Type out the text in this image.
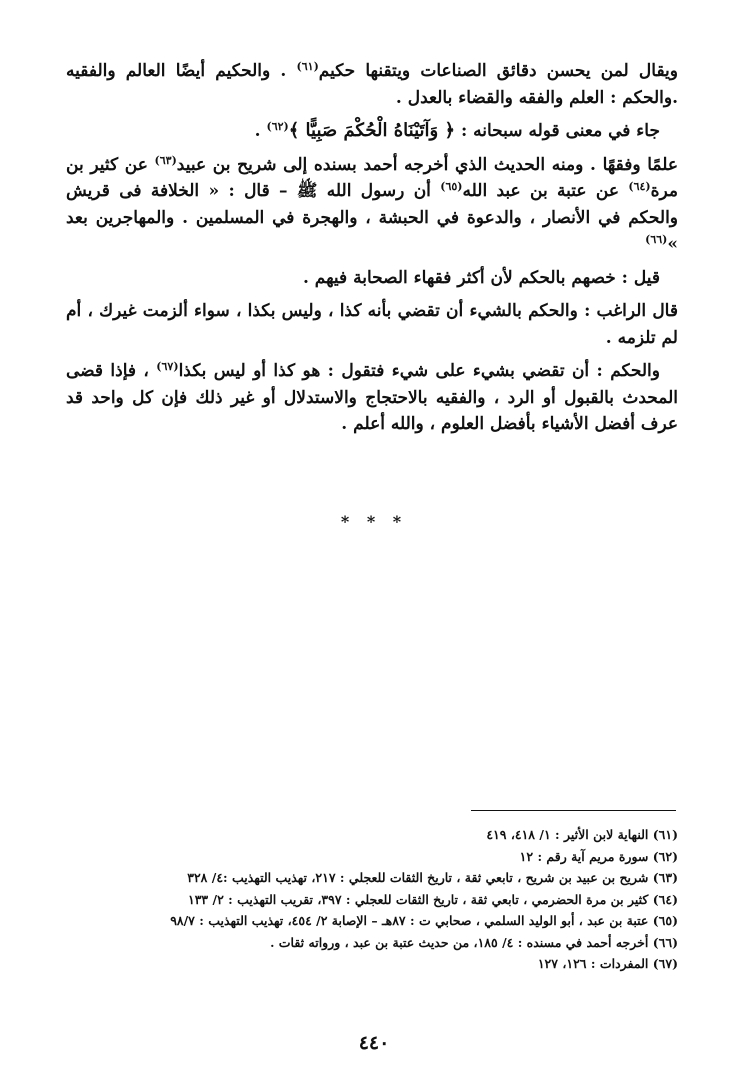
ويقال لمن يحسن دقائق الصناعات ويتقنها حكيم$^{(٦١)}$ . والحكيم أيضًا العالم والفقيه .والحكم : العلم والفقه والقضاء بالعدل .

جاء في معنى قوله سبحانه : ﴿ وَآتَيْنَاهُ الْحُكْمَ صَبِيًّا ﴾$^{(٦٢)}$ .

علمًا وفقهًا . ومنه الحديث الذي أخرجه أحمد بسنده إلى شريح بن عبيد$^{(٦٣)}$ عن كثير بن مرة$^{(٦٤)}$ عن عتبة بن عبد الله$^{(٦٥)}$ أن رسول الله ﷺ – قال : « الخلافة فى قريش والحكم في الأنصار ، والدعوة في الحبشة ، والهجرة في المسلمين . والمهاجرين بعد »$^{(٦٦)}$

قيل : خصهم بالحكم لأن أكثر فقهاء الصحابة فيهم .

قال الراغب : والحكم بالشيء أن تقضي بأنه كذا ، وليس بكذا ، سواء ألزمت غيرك ، أم لم تلزمه .

والحكم : أن تقضي بشيء على شيء فتقول : هو كذا أو ليس بكذا$^{(٦٧)}$ ، فإذا قضى المحدث بالقبول أو الرد ، والفقيه بالاحتجاج والاستدلال أو غير ذلك فإن كل واحد قد عرف أفضل الأشياء بأفضل العلوم ، والله أعلم .

* * *

(٦١) النهاية لابن الأثير : ١/ ٤١٨، ٤١٩

(٦٢) سورة مريم آية رقم : ١٢

(٦٣) شريح بن عبيد بن شريح ، تابعي ثقة ، تاريخ الثقات للعجلي : ٢١٧، تهذيب التهذيب :٤/ ٣٢٨

(٦٤) كثير بن مرة الحضرمي ، تابعي ثقة ، تاريخ الثقات للعجلي : ٣٩٧، تقريب التهذيب : ٢/ ١٣٣

(٦٥) عتبة بن عبد ، أبو الوليد السلمي ، صحابي ت : ٨٧هـ – الإصابة ٢/ ٤٥٤، تهذيب التهذيب : ٩٨/٧

(٦٦) أخرجه أحمد في مسنده : ٤/ ١٨٥، من حديث عتبة بن عبد ، ورواته ثقات .

(٦٧) المفردات : ١٢٦، ١٢٧

٤٤٠
